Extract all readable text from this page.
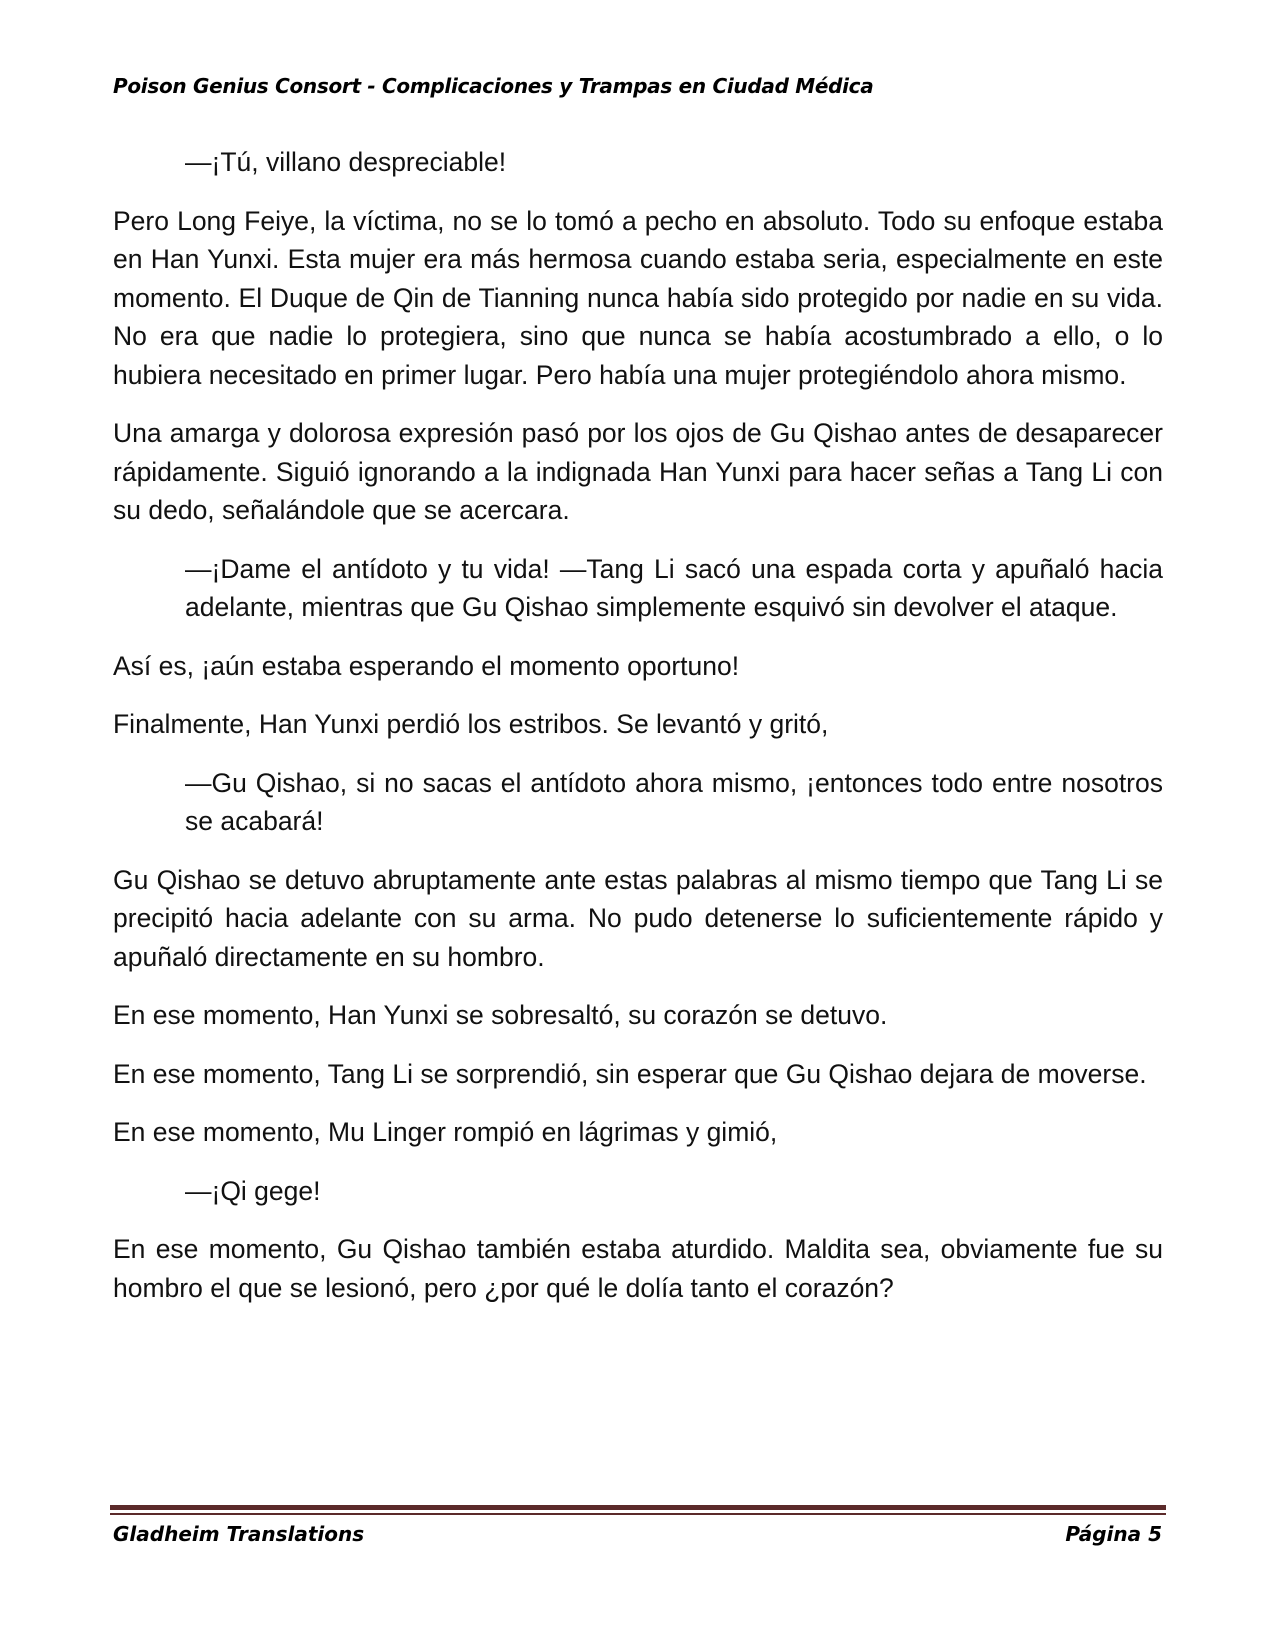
Poison Genius Consort - Complicaciones y Trampas en Ciudad Médica

—¡Tú, villano despreciable!

Pero Long Feiye, la víctima, no se lo tomó a pecho en absoluto. Todo su enfoque estaba en Han Yunxi. Esta mujer era más hermosa cuando estaba seria, especialmente en este momento. El Duque de Qin de Tianning nunca había sido protegido por nadie en su vida. No era que nadie lo protegiera, sino que nunca se había acostumbrado a ello, o lo hubiera necesitado en primer lugar. Pero había una mujer protegiéndolo ahora mismo.

Una amarga y dolorosa expresión pasó por los ojos de Gu Qishao antes de desaparecer rápidamente. Siguió ignorando a la indignada Han Yunxi para hacer señas a Tang Li con su dedo, señalándole que se acercara.

—¡Dame el antídoto y tu vida! —Tang Li sacó una espada corta y apuñaló hacia adelante, mientras que Gu Qishao simplemente esquivó sin devolver el ataque.

Así es, ¡aún estaba esperando el momento oportuno!

Finalmente, Han Yunxi perdió los estribos. Se levantó y gritó,

—Gu Qishao, si no sacas el antídoto ahora mismo, ¡entonces todo entre nosotros se acabará!

Gu Qishao se detuvo abruptamente ante estas palabras al mismo tiempo que Tang Li se precipitó hacia adelante con su arma. No pudo detenerse lo suficientemente rápido y apuñaló directamente en su hombro.

En ese momento, Han Yunxi se sobresaltó, su corazón se detuvo.

En ese momento, Tang Li se sorprendió, sin esperar que Gu Qishao dejara de moverse.

En ese momento, Mu Linger rompió en lágrimas y gimió,

—¡Qi gege!

En ese momento, Gu Qishao también estaba aturdido. Maldita sea, obviamente fue su hombro el que se lesionó, pero ¿por qué le dolía tanto el corazón?

Gladheim Translations	Página 5
